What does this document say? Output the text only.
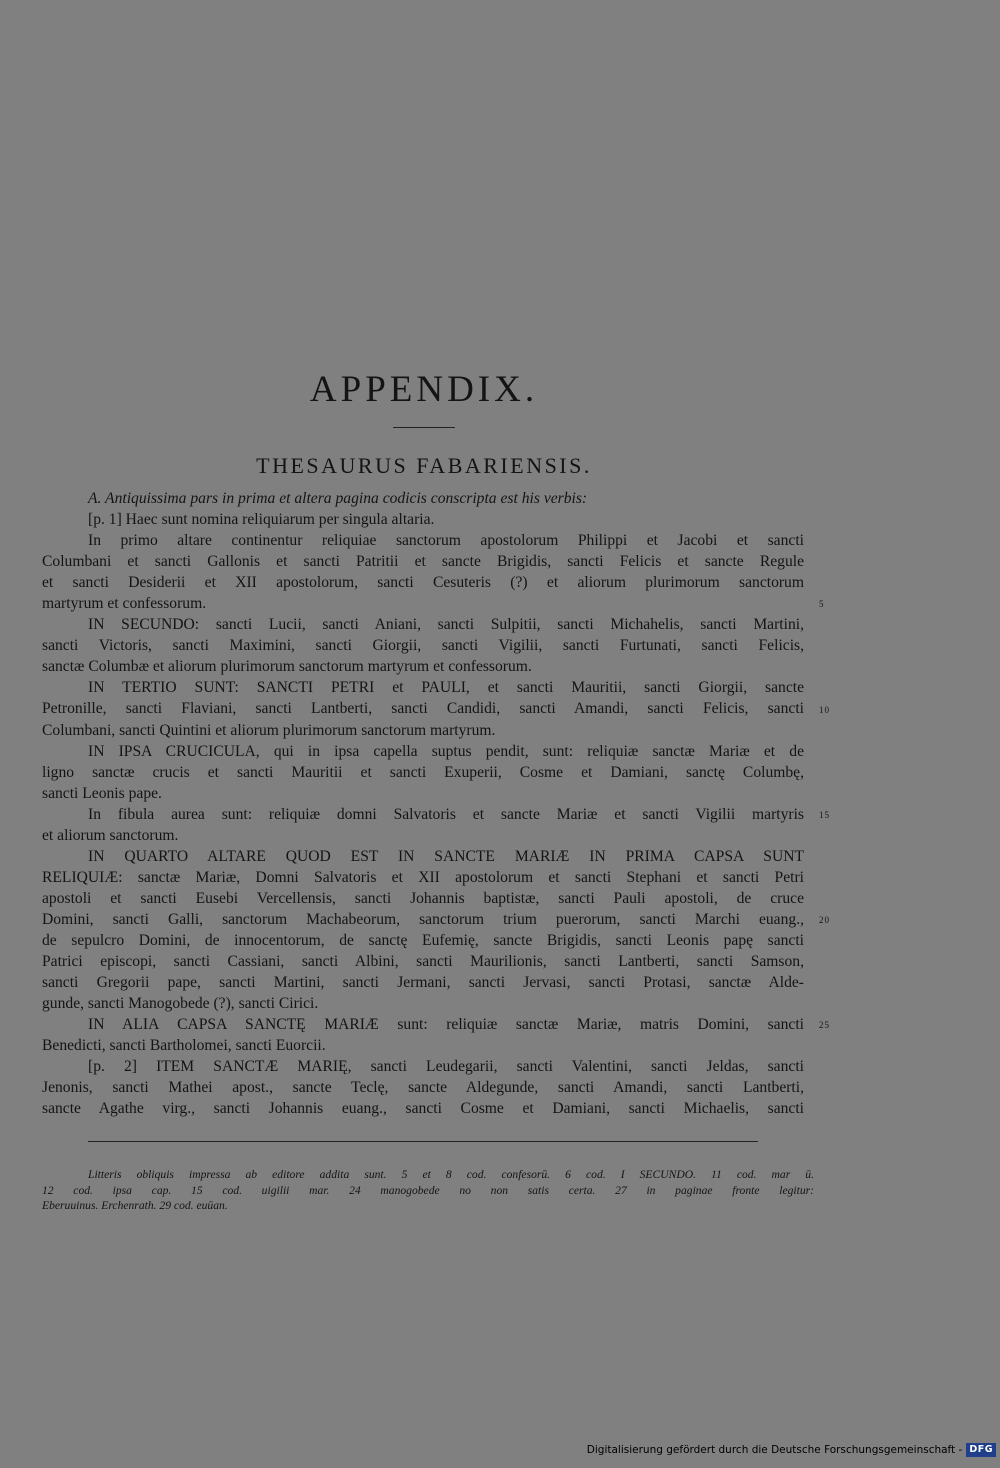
APPENDIX.
THESAURUS FABARIENSIS.
A. Antiquissima pars in prima et altera pagina codicis conscripta est his verbis:
[p. 1] Haec sunt nomina reliquiarum per singula altaria.
In primo altare continentur reliquiae sanctorum apostolorum Philippi et Jacobi et sancti
Columbani et sancti Gallonis et sancti Patritii et sancte Brigidis, sancti Felicis et sancte Regule
et sancti Desiderii et XII apostolorum, sancti Cesuteris (?) et aliorum plurimorum sanctorum
martyrum et confessorum.
IN SECUNDO: sancti Lucii, sancti Aniani, sancti Sulpitii, sancti Michahelis, sancti Martini,
sancti Victoris, sancti Maximini, sancti Giorgii, sancti Vigilii, sancti Furtunati, sancti Felicis,
sanctæ Columbæ et aliorum plurimorum sanctorum martyrum et confessorum.
IN TERTIO SUNT: SANCTI PETRI et PAULI, et sancti Mauritii, sancti Giorgii, sancte
Petronille, sancti Flaviani, sancti Lantberti, sancti Candidi, sancti Amandi, sancti Felicis, sancti
Columbani, sancti Quintini et aliorum plurimorum sanctorum martyrum.
IN IPSA CRUCICULA, qui in ipsa capella suptus pendit, sunt: reliquiæ sanctæ Mariæ et de
ligno sanctæ crucis et sancti Mauritii et sancti Exuperii, Cosme et Damiani, sanctę Columbę,
sancti Leonis pape.
In fibula aurea sunt: reliquiæ domni Salvatoris et sancte Mariæ et sancti Vigilii martyris
et aliorum sanctorum.
IN QUARTO ALTARE QUOD EST IN SANCTE MARIÆ IN PRIMA CAPSA SUNT
RELIQUIÆ: sanctæ Mariæ, Domni Salvatoris et XII apostolorum et sancti Stephani et sancti Petri
apostoli et sancti Eusebi Vercellensis, sancti Johannis baptistæ, sancti Pauli apostoli, de cruce
Domini, sancti Galli, sanctorum Machabeorum, sanctorum trium puerorum, sancti Marchi euang.,
de sepulcro Domini, de innocentorum, de sanctę Eufemię, sancte Brigidis, sancti Leonis papę sancti
Patrici episcopi, sancti Cassiani, sancti Albini, sancti Maurilionis, sancti Lantberti, sancti Samson,
sancti Gregorii pape, sancti Martini, sancti Jermani, sancti Jervasi, sancti Protasi, sanctæ Alde-
gunde, sancti Manogobede (?), sancti Cirici.
IN ALIA CAPSA SANCTĘ MARIÆ sunt: reliquiæ sanctæ Mariæ, matris Domini, sancti
Benedicti, sancti Bartholomei, sancti Euorcii.
[p. 2] ITEM SANCTÆ MARIĘ, sancti Leudegarii, sancti Valentini, sancti Jeldas, sancti
Jenonis, sancti Mathei apost., sancte Teclę, sancte Aldegunde, sancti Amandi, sancti Lantberti,
sancte Agathe virg., sancti Johannis euang., sancti Cosme et Damiani, sancti Michaelis, sancti
5
10
15
20
25
Litteris obliquis impressa ab editore addita sunt. 5 et 8 cod. confesorū. 6 cod. I SECUNDO. 11 cod. mar ū.
12 cod. ipsa cap. 15 cod. uigilii mar. 24 manogobede no non satis certa. 27 in paginae fronte legitur:
Eberuuinus. Erchenrath. 29 cod. euūan.
Digitalisierung gefördert durch die Deutsche Forschungsgemeinschaft - DFG
